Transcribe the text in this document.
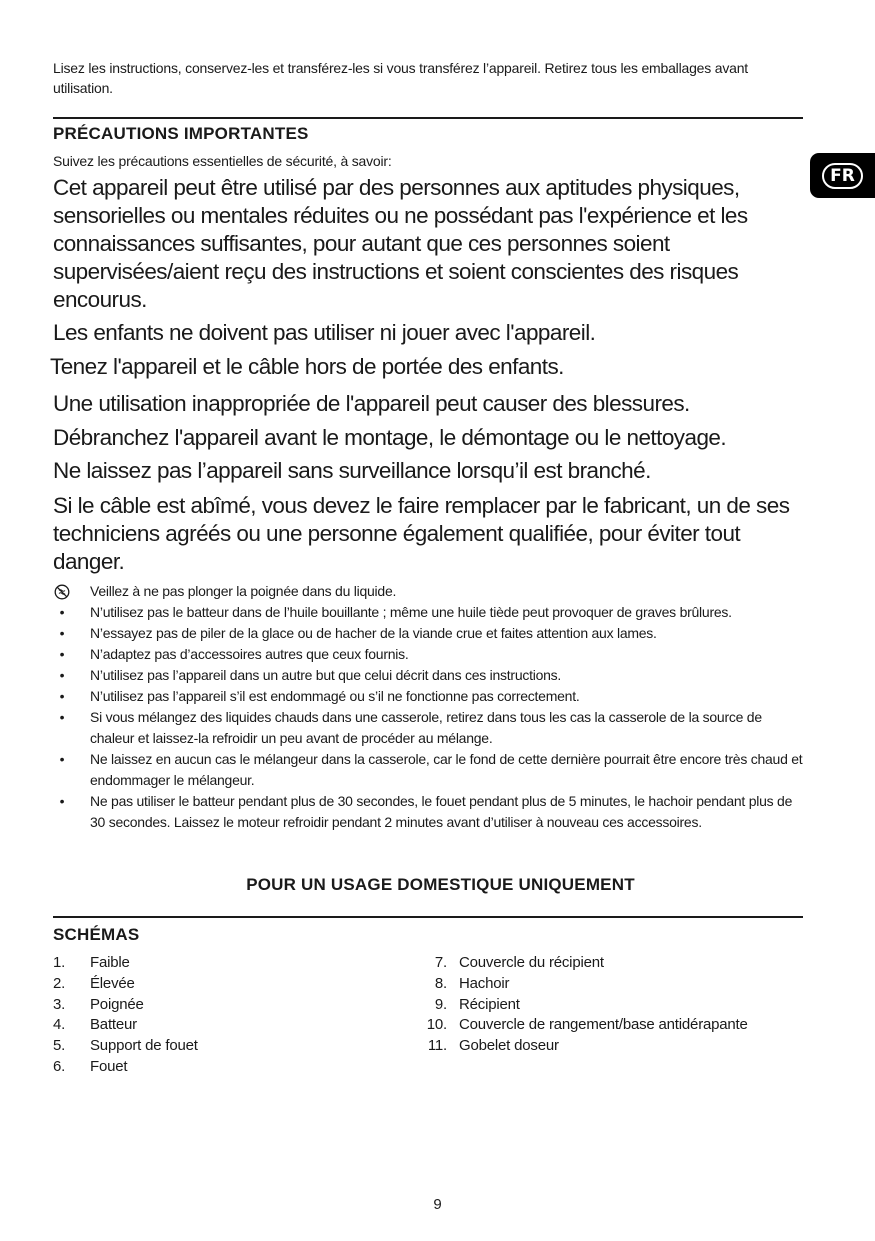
Lisez les instructions, conservez-les et transférez-les si vous transférez l’appareil. Retirez tous les emballages avant utilisation.
PRÉCAUTIONS IMPORTANTES
Suivez les précautions essentielles de sécurité, à savoir:
FR
Cet appareil peut être utilisé par des personnes aux aptitudes physiques, sensorielles ou mentales réduites ou ne possédant pas l'expérience et les connaissances suffisantes, pour autant que ces personnes soient supervisées/aient reçu des instructions et soient conscientes des risques encourus.
Les enfants ne doivent pas utiliser ni jouer avec l'appareil.
Tenez l'appareil et le câble hors de portée des enfants.
Une utilisation inappropriée de l'appareil peut causer des blessures.
Débranchez l'appareil avant le montage, le démontage ou le nettoyage.
Ne laissez pas l’appareil sans surveillance lorsqu’il est branché.
Si le câble est abîmé, vous devez le faire remplacer par le fabricant, un de ses techniciens agréés ou une personne également qualifiée, pour éviter tout danger.
Veillez à ne pas plonger la poignée dans du liquide.
•	N’utilisez pas le batteur dans de l’huile bouillante ; même une huile tiède peut provoquer de graves brûlures.
•	N’essayez pas de piler de la glace ou de hacher de la viande crue et faites attention aux lames.
•	N’adaptez pas d’accessoires autres que ceux fournis.
•	N’utilisez pas l’appareil dans un autre but que celui décrit dans ces instructions.
•	N’utilisez pas l’appareil s’il est endommagé ou s’il ne fonctionne pas correctement.
•	Si vous mélangez des liquides chauds dans une casserole, retirez dans tous les cas la casserole de la source de chaleur et laissez-la refroidir un peu avant de procéder au mélange.
•	Ne laissez en aucun cas le mélangeur dans la casserole, car le fond de cette dernière pourrait être encore très chaud et endommager le mélangeur.
•	Ne pas utiliser le batteur pendant plus de 30 secondes, le fouet pendant plus de 5 minutes, le hachoir pendant plus de 30 secondes. Laissez le moteur refroidir pendant 2 minutes avant d’utiliser à nouveau ces accessoires.
POUR UN USAGE DOMESTIQUE UNIQUEMENT
SCHÉMAS
1.	Faible
2.	Élevée
3.	Poignée
4.	Batteur
5.	Support de fouet
6.	Fouet
7. Couvercle du récipient
8. Hachoir
9. Récipient
10. Couvercle de rangement/base antidérapante
11. Gobelet doseur
9
